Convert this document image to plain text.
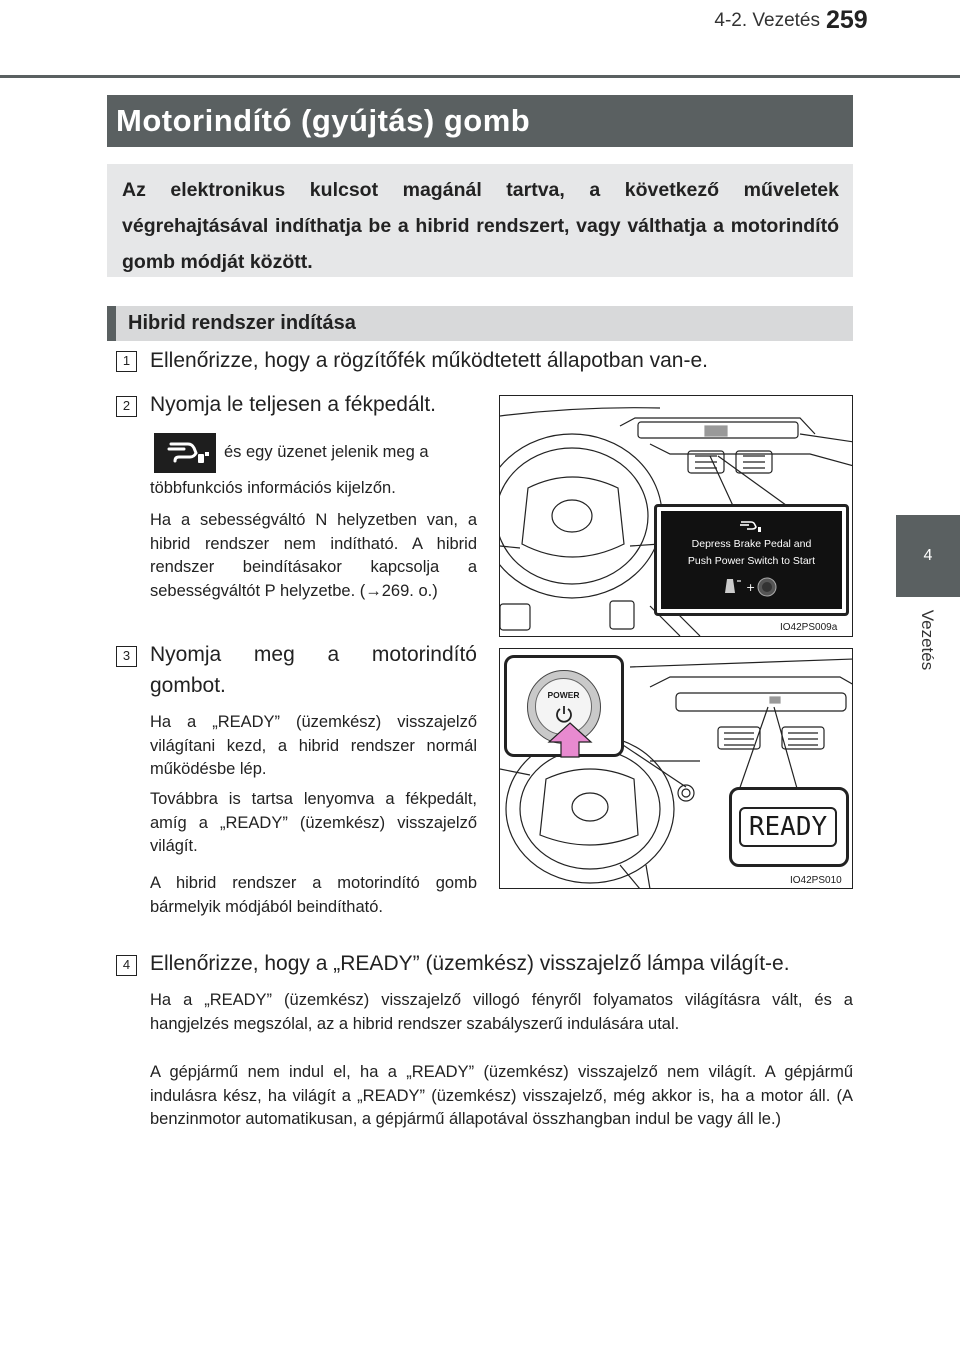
4-2. Vezetés 259
4
Vezetés
Motorindító (gyújtás) gomb
Az elektronikus kulcsot magánál tartva, a következő műveletek végrehajtásával indíthatja be a hibrid rendszert, vagy válthatja a motorindító gomb módját között.
Hibrid rendszer indítása
1 Ellenőrizze, hogy a rögzítőfék működtetett állapotban van-e.
2 Nyomja le teljesen a fékpedált.
és egy üzenet jelenik meg a
többfunkciós információs kijelzőn.
Ha a sebességváltó N helyzetben van, a hibrid rendszer nem indítható. A hibrid rendszer beindításakor kapcsolja a sebességváltót P helyzetbe. (→269. o.)
Depress Brake Pedal and
Push Power Switch to Start
+
IO42PS009a
3 Nyomja meg a motorindító
gombot.
Ha a „READY” (üzemkész) visszajelző világítani kezd, a hibrid rendszer normál működésbe lép.
Továbbra is tartsa lenyomva a fékpedált, amíg a „READY” (üzemkész) visszajelző világít.
A hibrid rendszer a motorindító gomb bármelyik módjából beindítható.
POWER
READY
IO42PS010
4 Ellenőrizze, hogy a „READY” (üzemkész) visszajelző lámpa világít-e.
Ha a „READY” (üzemkész) visszajelző villogó fényről folyamatos világításra vált, és a hangjelzés megszólal, az a hibrid rendszer szabályszerű indulására utal.
A gépjármű nem indul el, ha a „READY” (üzemkész) visszajelző nem világít. A gépjármű indulásra kész, ha világít a „READY” (üzemkész) visszajelző, még akkor is, ha a motor áll. (A benzinmotor automatikusan, a gépjármű állapotával összhangban indul be vagy áll le.)
